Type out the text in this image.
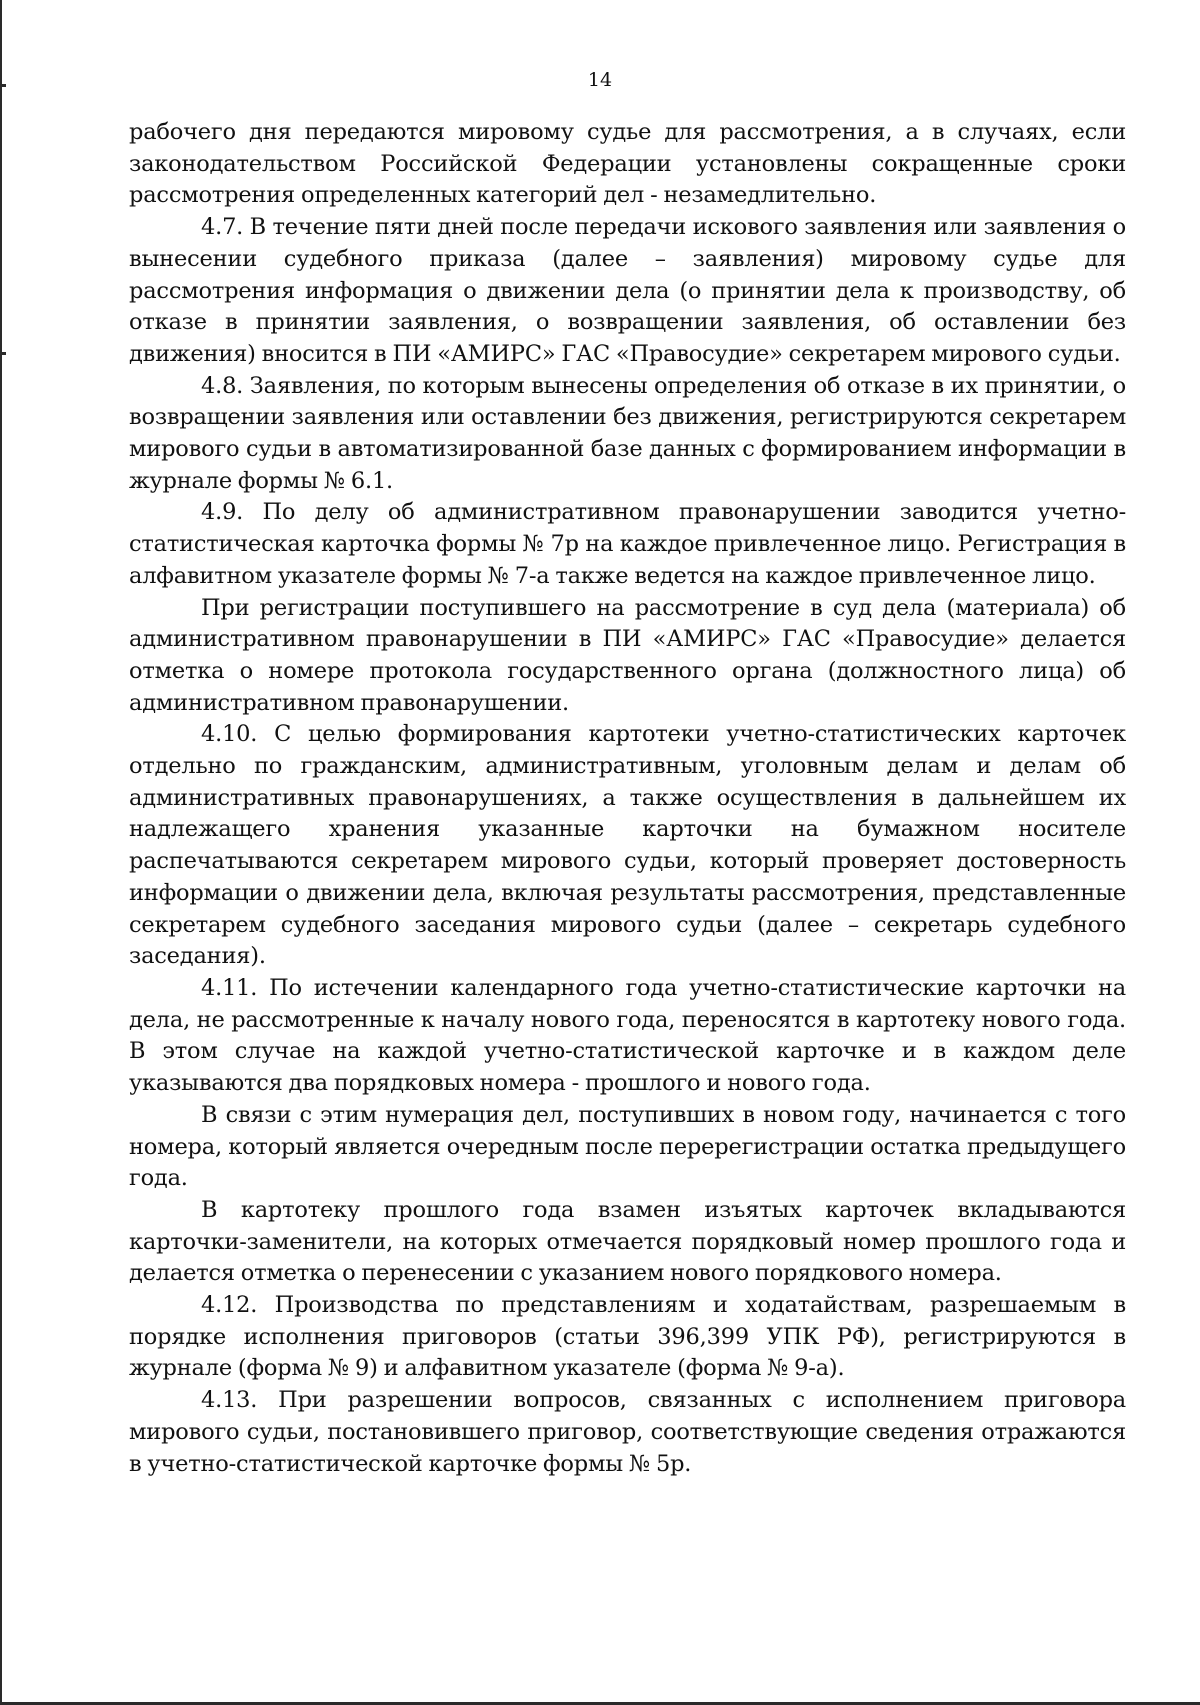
14

рабочего дня передаются мировому судье для рассмотрения, а в случаях, если законодательством Российской Федерации установлены сокращенные сроки рассмотрения определенных категорий дел - незамедлительно.

4.7. В течение пяти дней после передачи искового заявления или заявления о вынесении судебного приказа (далее – заявления) мировому судье для рассмотрения информация о движении дела (о принятии дела к производству, об отказе в принятии заявления, о возвращении заявления, об оставлении без движения) вносится в ПИ «АМИРС» ГАС «Правосудие» секретарем мирового судьи.

4.8. Заявления, по которым вынесены определения об отказе в их принятии, о возвращении заявления или оставлении без движения, регистрируются секретарем мирового судьи в автоматизированной базе данных с формированием информации в журнале формы № 6.1.

4.9. По делу об административном правонарушении заводится учетно-статистическая карточка формы № 7р на каждое привлеченное лицо. Регистрация в алфавитном указателе формы № 7-а также ведется на каждое привлеченное лицо.

При регистрации поступившего на рассмотрение в суд дела (материала) об административном правонарушении в ПИ «АМИРС» ГАС «Правосудие» делается отметка о номере протокола государственного органа (должностного лица) об административном правонарушении.

4.10. С целью формирования картотеки учетно-статистических карточек отдельно по гражданским, административным, уголовным делам и делам об административных правонарушениях, а также осуществления в дальнейшем их надлежащего хранения указанные карточки на бумажном носителе распечатываются секретарем мирового судьи, который проверяет достоверность информации о движении дела, включая результаты рассмотрения, представленные секретарем судебного заседания мирового судьи (далее – секретарь судебного заседания).

4.11. По истечении календарного года учетно-статистические карточки на дела, не рассмотренные к началу нового года, переносятся в картотеку нового года. В этом случае на каждой учетно-статистической карточке и в каждом деле указываются два порядковых номера - прошлого и нового года.

В связи с этим нумерация дел, поступивших в новом году, начинается с того номера, который является очередным после перерегистрации остатка предыдущего года.

В картотеку прошлого года взамен изъятых карточек вкладываются карточки-заменители, на которых отмечается порядковый номер прошлого года и делается отметка о перенесении с указанием нового порядкового номера.

4.12. Производства по представлениям и ходатайствам, разрешаемым в порядке исполнения приговоров (статьи 396,399 УПК РФ), регистрируются в журнале (форма № 9) и алфавитном указателе (форма № 9-а).

4.13. При разрешении вопросов, связанных с исполнением приговора мирового судьи, постановившего приговор, соответствующие сведения отражаются в учетно-статистической карточке формы № 5р.
